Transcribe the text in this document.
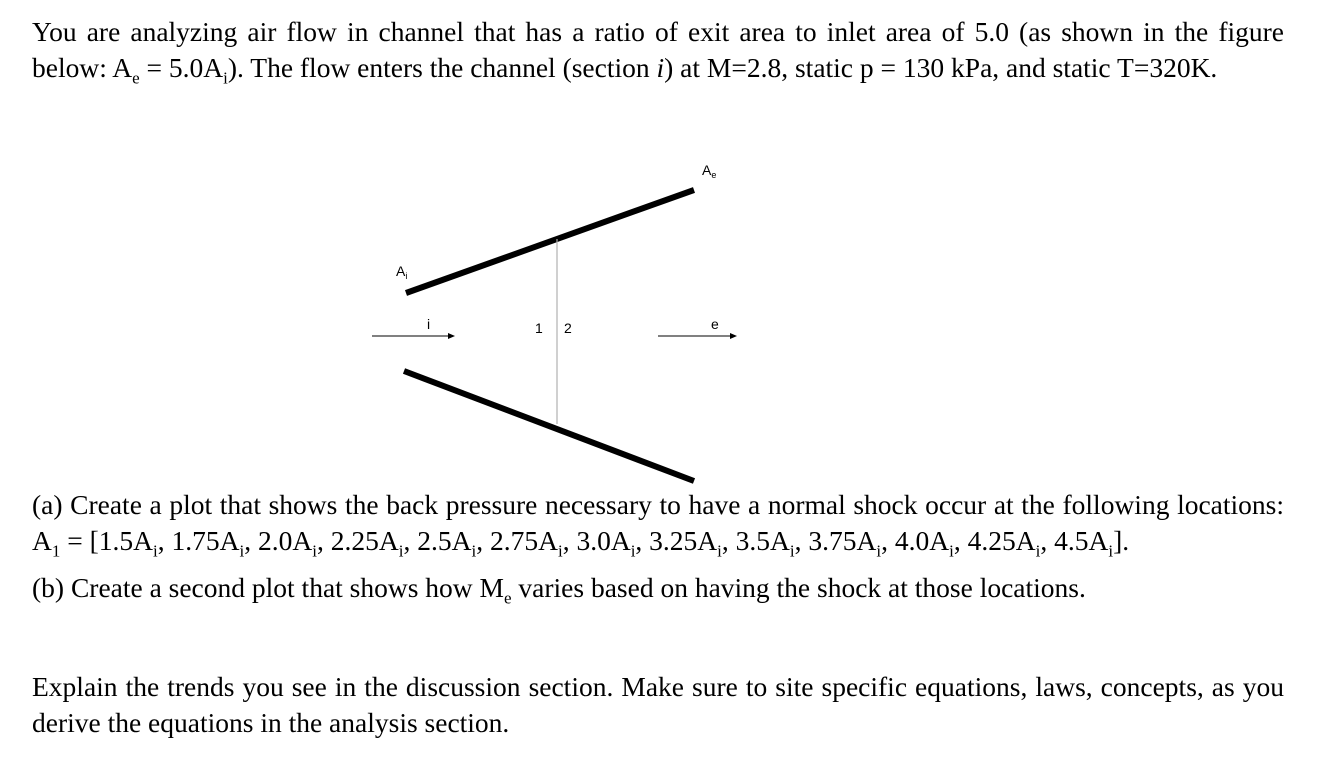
You are analyzing air flow in channel that has a ratio of exit area to inlet area of 5.0 (as shown in the figure below: $A_e = 5.0A_i$). The flow enters the channel (section i) at M=2.8, static p = 130 kPa, and static T=320K.

$A_e$
$A_i$
i	1 2	e
(a) Create a plot that shows the back pressure necessary to have a normal shock occur at the following locations: $A_1 = [1.5A_i$, $1.75A_i$, $2.0A_i$, $2.25A_i$, $2.5A_i$, $2.75A_i$, $3.0A_i$, $3.25A_i$, $3.5A_i$, $3.75A_i$, $4.0A_i$, $4.25A_i$, $4.5A_i$].
(b) Create a second plot that shows how $M_e$ varies based on having the shock at those locations.

Explain the trends you see in the discussion section. Make sure to site specific equations, laws, concepts, as you derive the equations in the analysis section.
